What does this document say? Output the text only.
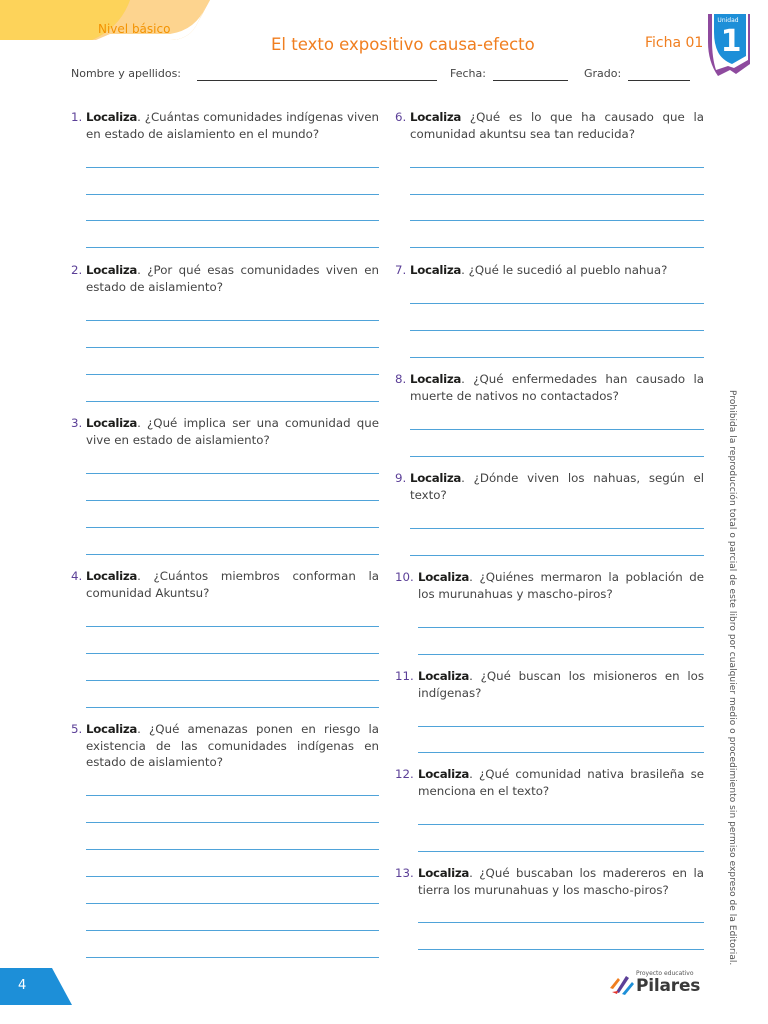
Nivel básico
El texto expositivo causa-efecto	Ficha 01
Unidad
1
Nombre y apellidos:	Fecha:	Grado:
1. Localiza. ¿Cuántas comunidades indígenas viven en estado de aislamiento en el mundo?
2. Localiza. ¿Por qué esas comunidades viven en estado de aislamiento?
3. Localiza. ¿Qué implica ser una comunidad que vive en estado de aislamiento?
4. Localiza. ¿Cuántos miembros conforman la comunidad Akuntsu?
5. Localiza. ¿Qué amenazas ponen en riesgo la existencia de las comunidades indígenas en estado de aislamiento?
6. Localiza ¿Qué es lo que ha causado que la comunidad akuntsu sea tan reducida?
7. Localiza. ¿Qué le sucedió al pueblo nahua?
8. Localiza. ¿Qué enfermedades han causado la muerte de nativos no contactados?
9. Localiza. ¿Dónde viven los nahuas, según el texto?
10. Localiza. ¿Quiénes mermaron la población de los murunahuas y mascho-piros?
11. Localiza. ¿Qué buscan los misioneros en los indígenas?
12. Localiza. ¿Qué comunidad nativa brasileña se menciona en el texto?
13. Localiza. ¿Qué buscaban los madereros en la tierra los murunahuas y los mascho-piros?	Prohibida la reproducción total o parcial de este libro por cualquier medio o procedimiento sin permiso expreso de la Editorial.
4
Proyecto educativo
Pilares
